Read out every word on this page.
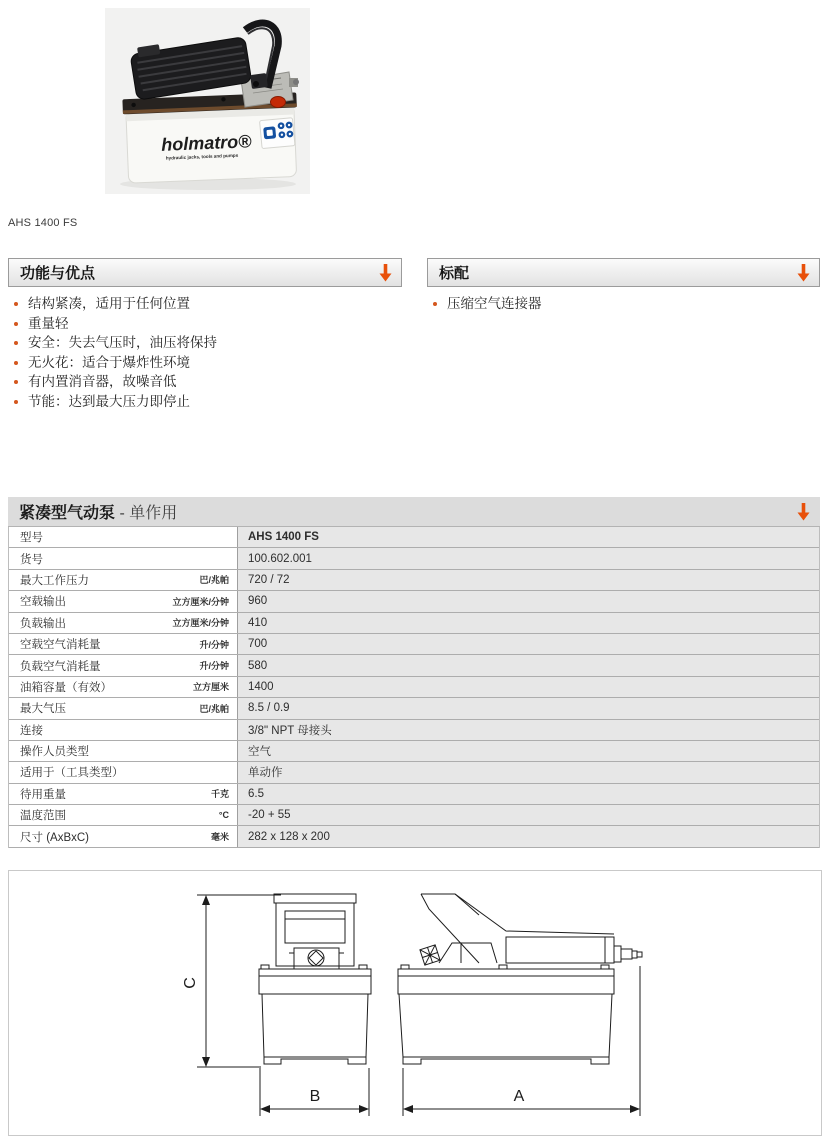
holmatro®
hydraulic jacks, tools and pumps
AHS 1400 FS
功能与优点
结构紧凑，适用于任何位置
重量轻
安全：失去气压时，油压将保持
无火花：适合于爆炸性环境
有内置消音器，故噪音低
节能：达到最大压力即停止
标配
压缩空气连接器
紧凑型气动泵 - 单作用
型号	AHS 1400 FS
货号	100.602.001
最大工作压力	巴/兆帕	720 / 72
空载输出	立方厘米/分钟	960
负载输出	立方厘米/分钟	410
空载空气消耗量	升/分钟	700
负载空气消耗量	升/分钟	580
油箱容量（有效）	立方厘米	1400
最大气压	巴/兆帕	8.5 / 0.9
连接	3/8" NPT 母接头
操作人员类型	空气
适用于（工具类型）	单动作
待用重量	千克	6.5
温度范围	°C	-20 + 55
尺寸 (AxBxC)	毫米	282 x 128 x 200
C
B	A
